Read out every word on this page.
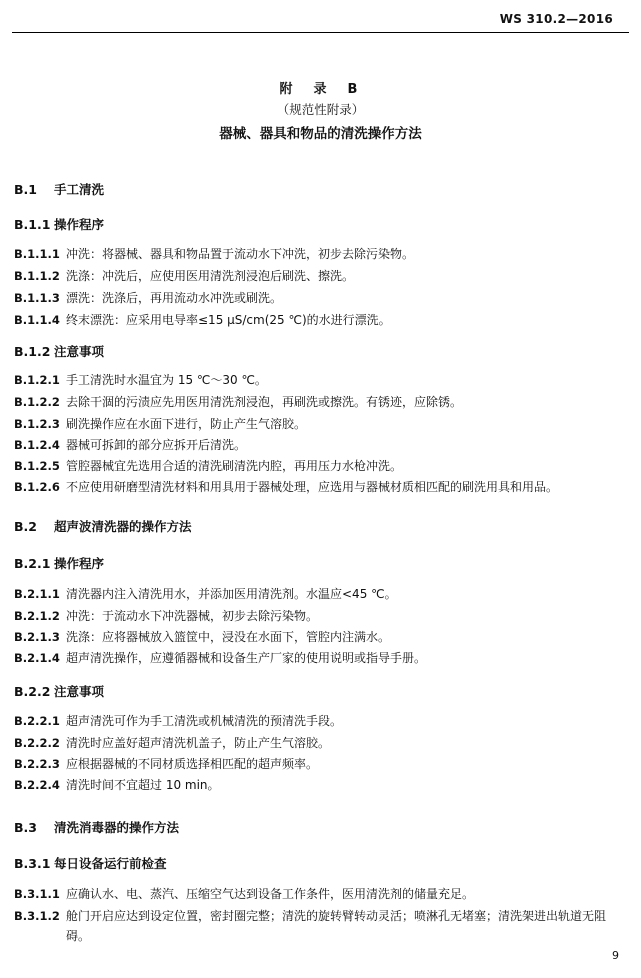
WS 310.2—2016
附　录　B
（规范性附录）
器械、器具和物品的清洗操作方法
B.1 手工清洗
B.1.1 操作程序
B.1.1.1 冲洗：将器械、器具和物品置于流动水下冲洗，初步去除污染物。
B.1.1.2 洗涤：冲洗后，应使用医用清洗剂浸泡后刷洗、擦洗。
B.1.1.3 漂洗：洗涤后，再用流动水冲洗或刷洗。
B.1.1.4 终末漂洗：应采用电导率≤15 μS/cm(25 ℃)的水进行漂洗。
B.1.2 注意事项
B.1.2.1 手工清洗时水温宜为 15 ℃～30 ℃。
B.1.2.2 去除干涸的污渍应先用医用清洗剂浸泡，再刷洗或擦洗。有锈迹，应除锈。
B.1.2.3 刷洗操作应在水面下进行，防止产生气溶胶。
B.1.2.4 器械可拆卸的部分应拆开后清洗。
B.1.2.5 管腔器械宜先选用合适的清洗刷清洗内腔，再用压力水枪冲洗。
B.1.2.6 不应使用研磨型清洗材料和用具用于器械处理，应选用与器械材质相匹配的刷洗用具和用品。
B.2 超声波清洗器的操作方法
B.2.1 操作程序
B.2.1.1 清洗器内注入清洗用水，并添加医用清洗剂。水温应<45 ℃。
B.2.1.2 冲洗：于流动水下冲洗器械，初步去除污染物。
B.2.1.3 洗涤：应将器械放入篮筐中，浸没在水面下，管腔内注满水。
B.2.1.4 超声清洗操作，应遵循器械和设备生产厂家的使用说明或指导手册。
B.2.2 注意事项
B.2.2.1 超声清洗可作为手工清洗或机械清洗的预清洗手段。
B.2.2.2 清洗时应盖好超声清洗机盖子，防止产生气溶胶。
B.2.2.3 应根据器械的不同材质选择相匹配的超声频率。
B.2.2.4 清洗时间不宜超过 10 min。
B.3 清洗消毒器的操作方法
B.3.1 每日设备运行前检查
B.3.1.1 应确认水、电、蒸汽、压缩空气达到设备工作条件，医用清洗剂的储量充足。
B.3.1.2 舱门开启应达到设定位置，密封圈完整；清洗的旋转臂转动灵活；喷淋孔无堵塞；清洗架进出轨道无阻碍。
9
